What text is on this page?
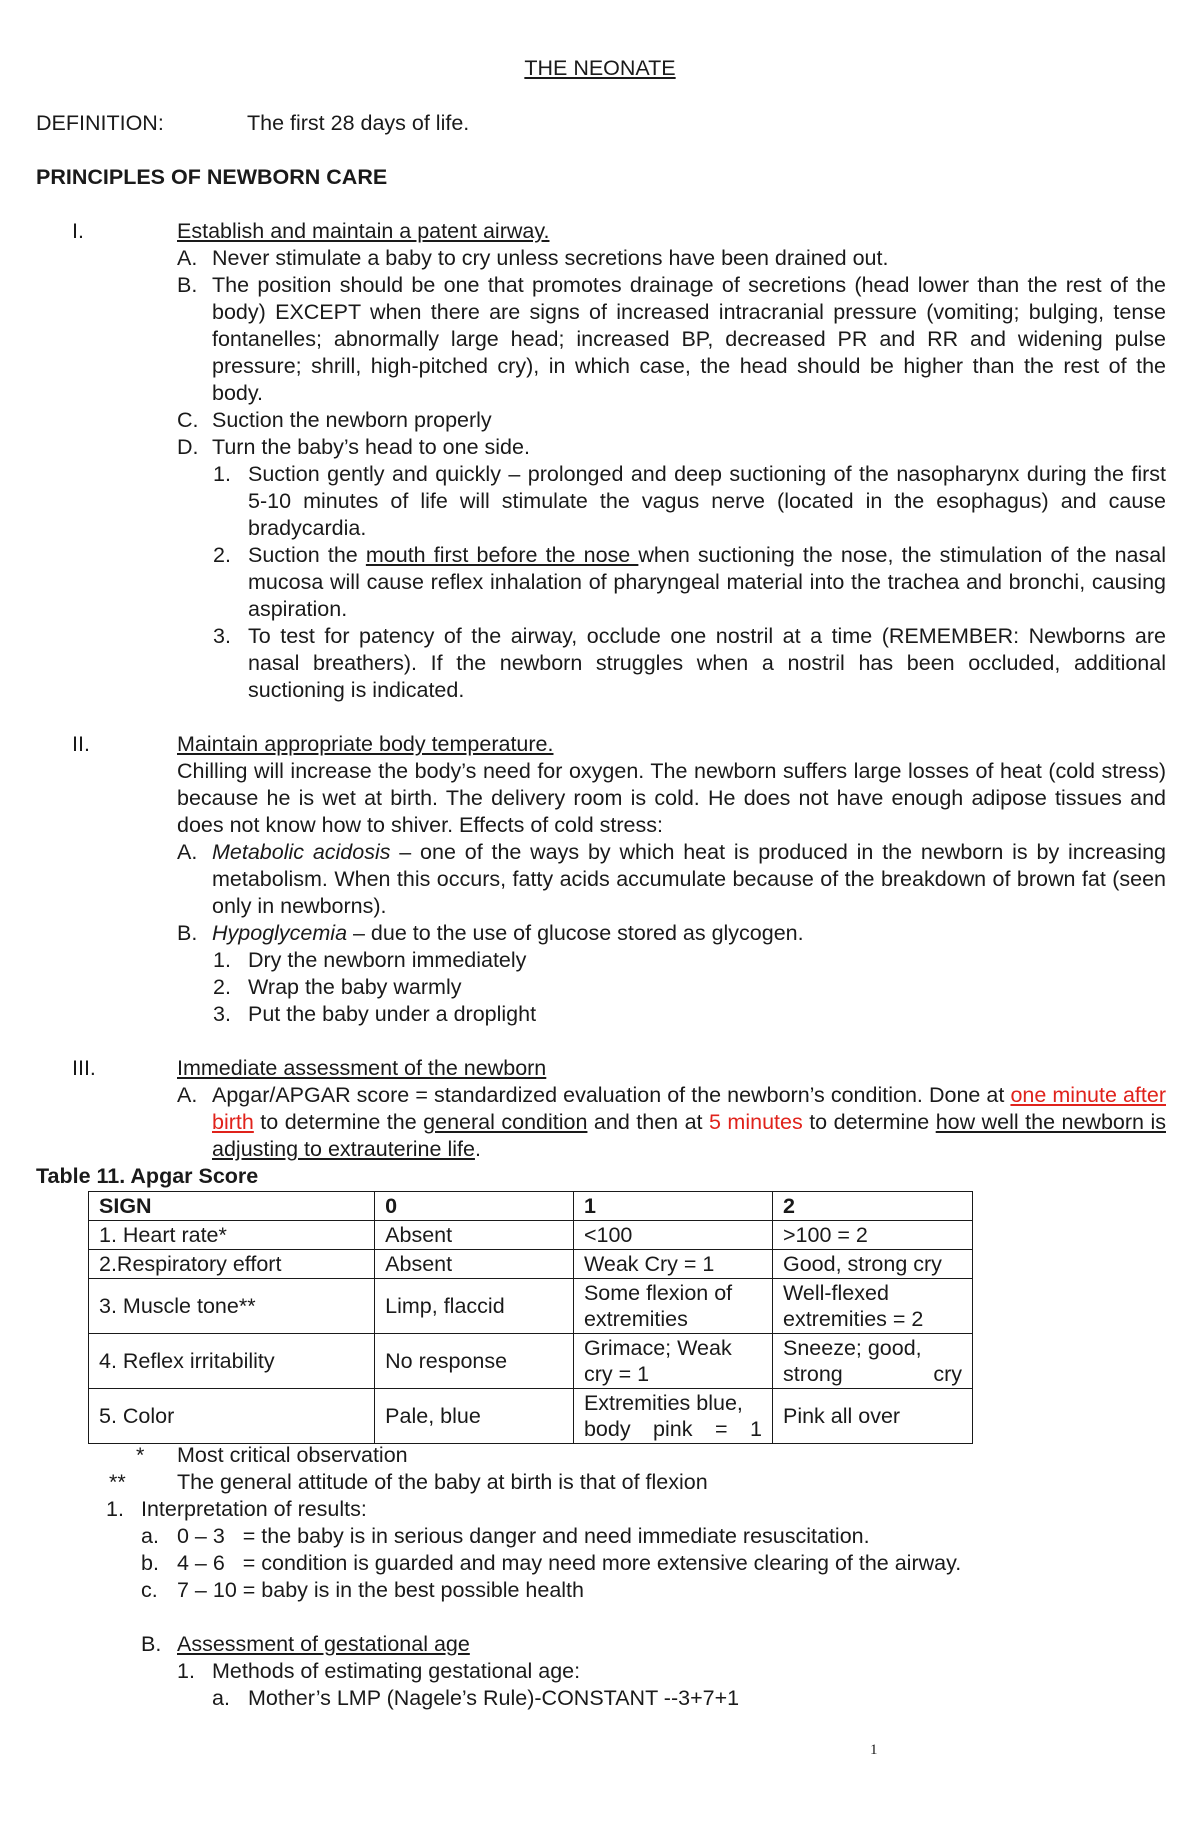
THE NEONATE
DEFINITION:	The first 28 days of life.
PRINCIPLES OF NEWBORN CARE
I.	Establish and maintain a patent airway.
A. Never stimulate a baby to cry unless secretions have been drained out.
B. The position should be one that promotes drainage of secretions (head lower than the rest of the body) EXCEPT when there are signs of increased intracranial pressure (vomiting; bulging, tense fontanelles; abnormally large head; increased BP, decreased PR and RR and widening pulse pressure; shrill, high-pitched cry), in which case, the head should be higher than the rest of the body.
C. Suction the newborn properly
D. Turn the baby’s head to one side.
1. Suction gently and quickly – prolonged and deep suctioning of the nasopharynx during the first 5-10 minutes of life will stimulate the vagus nerve (located in the esophagus) and cause bradycardia.
2. Suction the mouth first before the nose when suctioning the nose, the stimulation of the nasal mucosa will cause reflex inhalation of pharyngeal material into the trachea and bronchi, causing aspiration.
3. To test for patency of the airway, occlude one nostril at a time (REMEMBER: Newborns are nasal breathers). If the newborn struggles when a nostril has been occluded, additional suctioning is indicated.
II.	Maintain appropriate body temperature.
Chilling will increase the body’s need for oxygen. The newborn suffers large losses of heat (cold stress) because he is wet at birth. The delivery room is cold. He does not have enough adipose tissues and does not know how to shiver. Effects of cold stress:
A. Metabolic acidosis – one of the ways by which heat is produced in the newborn is by increasing metabolism. When this occurs, fatty acids accumulate because of the breakdown of brown fat (seen only in newborns).
B. Hypoglycemia – due to the use of glucose stored as glycogen.
1. Dry the newborn immediately
2. Wrap the baby warmly
3. Put the baby under a droplight
III.	Immediate assessment of the newborn
A. Apgar/APGAR score = standardized evaluation of the newborn’s condition. Done at one minute after birth to determine the general condition and then at 5 minutes to determine how well the newborn is adjusting to extrauterine life.
Table 11. Apgar Score
SIGN	0	1	2
1. Heart rate*	Absent	<100	>100 = 2
2.Respiratory effort	Absent	Weak Cry = 1	Good, strong cry
3. Muscle tone**	Limp, flaccid	Some flexion of extremities	Well-flexed extremities = 2
4. Reflex irritability	No response	Grimace; Weak cry = 1	Sneeze; good, strong cry
5. Color	Pale, blue	Extremities blue, body pink = 1	Pink all over
* Most critical observation
** The general attitude of the baby at birth is that of flexion
1. Interpretation of results:
a. 0 – 3   = the baby is in serious danger and need immediate resuscitation.
b. 4 – 6   = condition is guarded and may need more extensive clearing of the airway.
c. 7 – 10 = baby is in the best possible health
B. Assessment of gestational age
1. Methods of estimating gestational age:
a. Mother’s LMP (Nagele’s Rule)-CONSTANT --3+7+1
1
